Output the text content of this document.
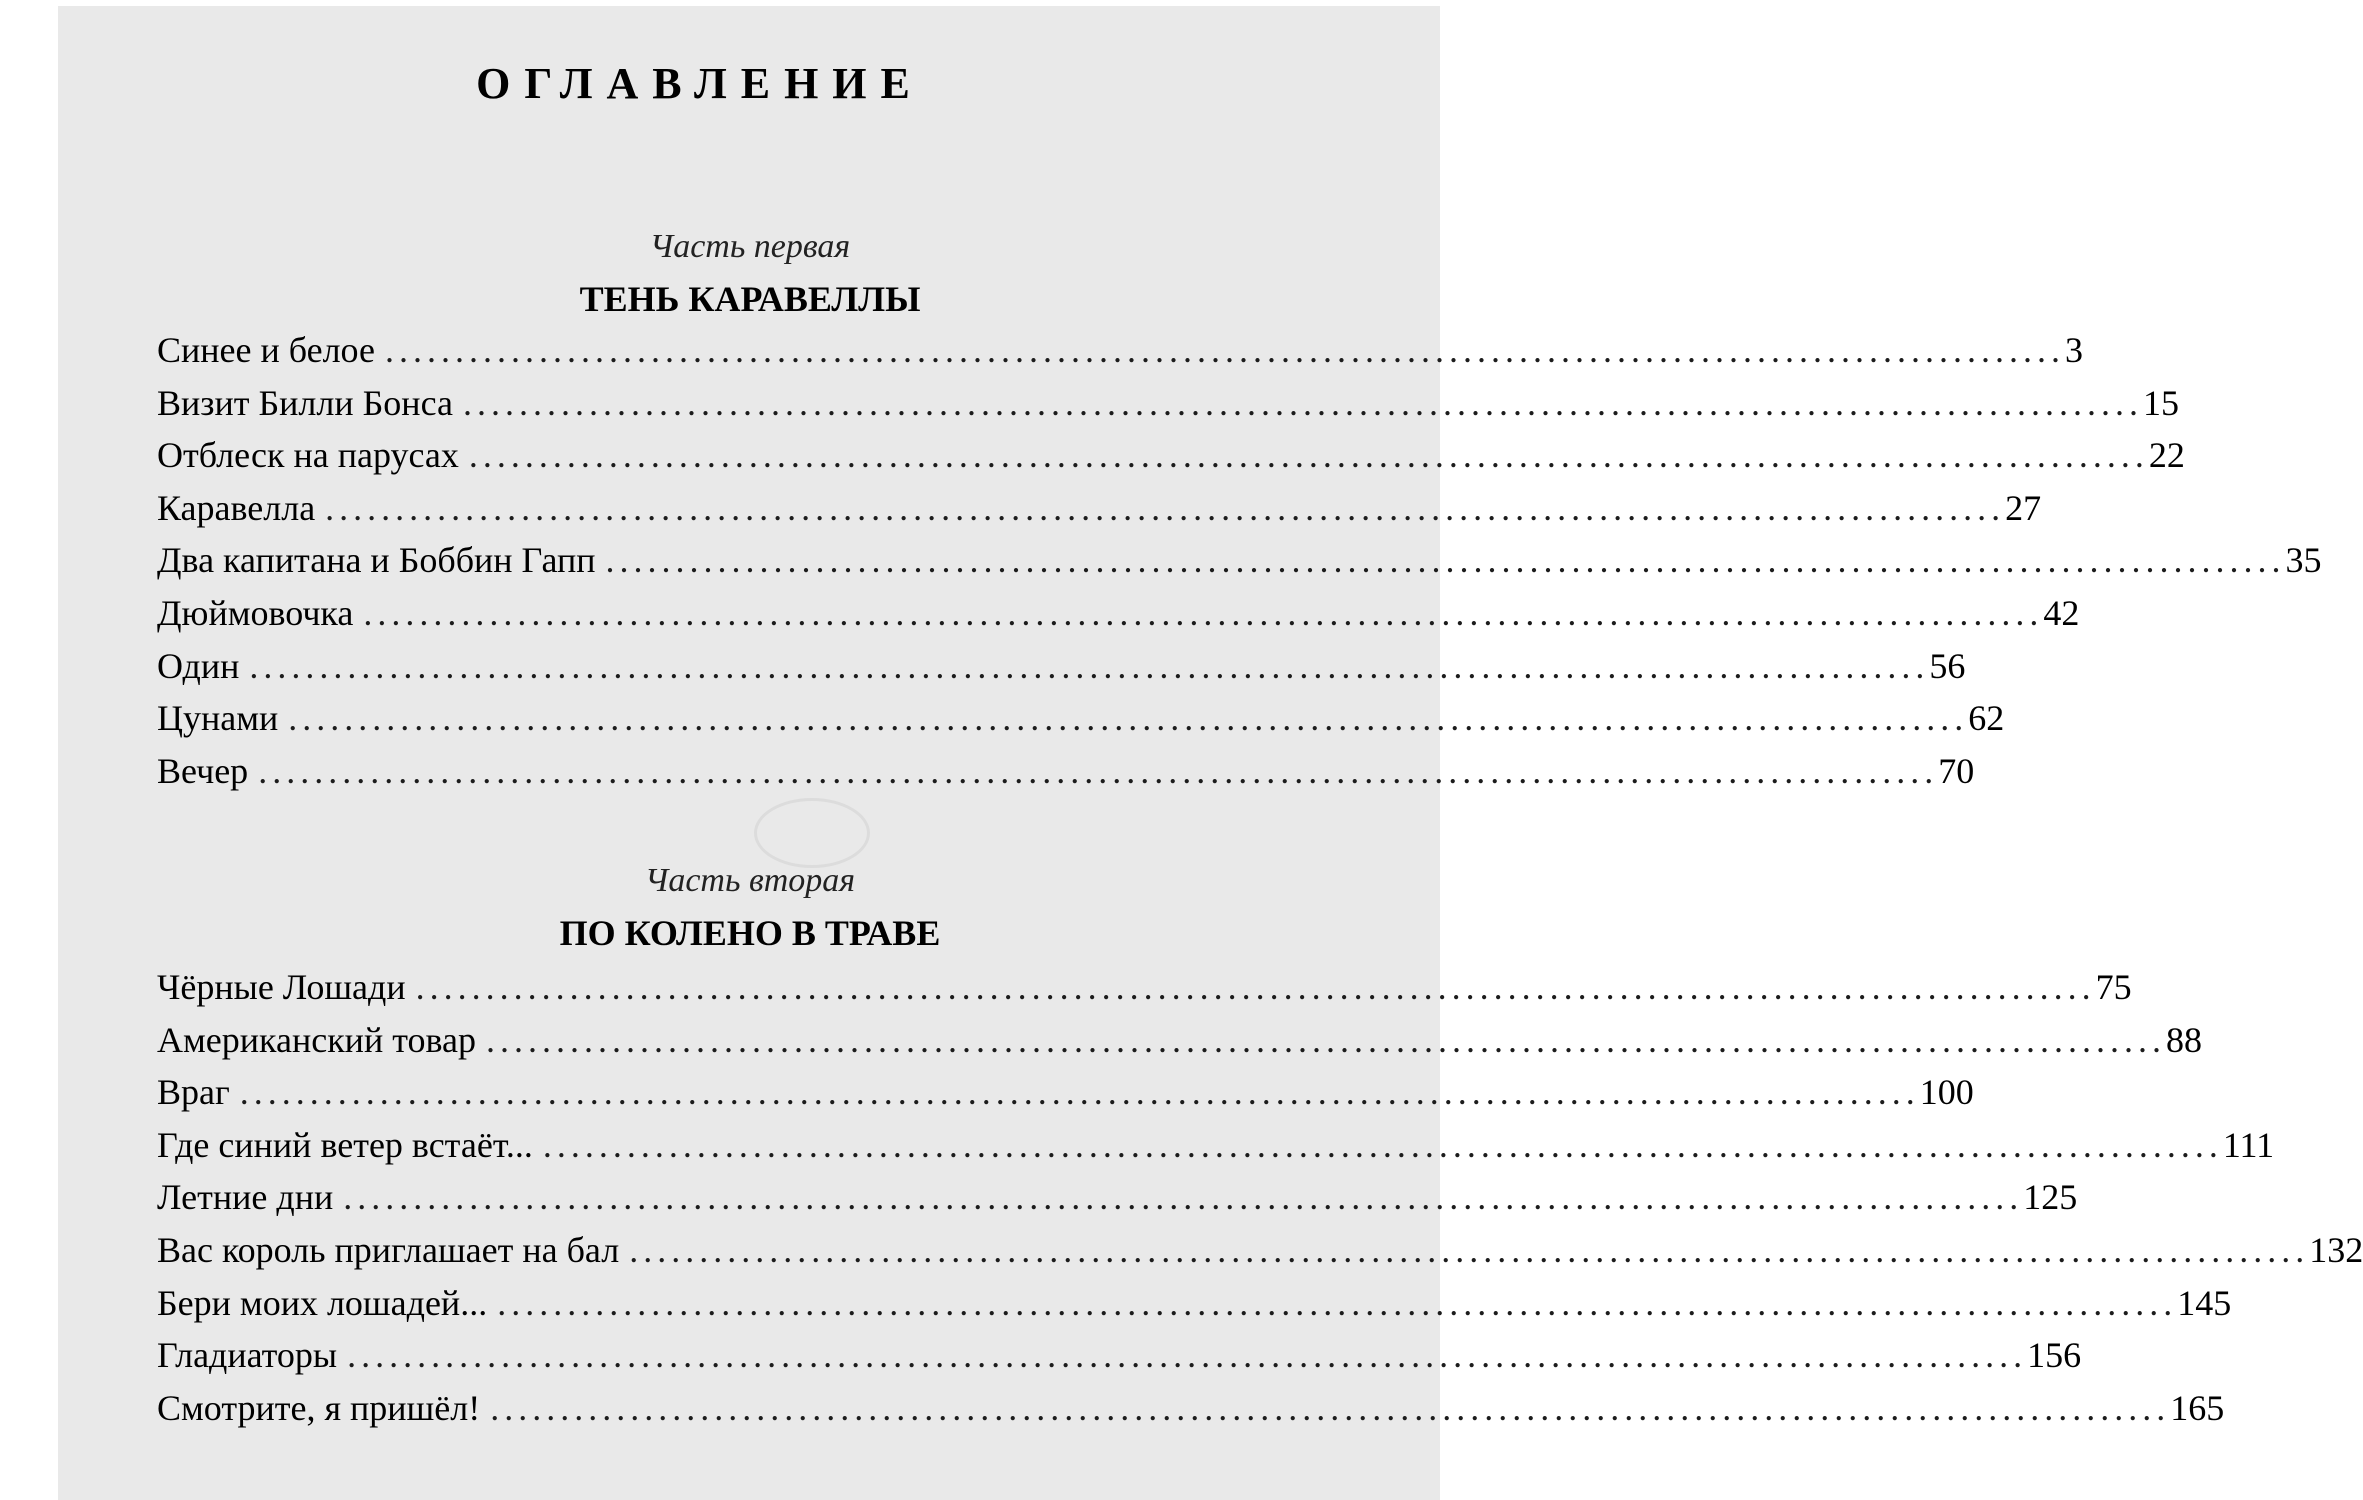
ОГЛАВЛЕНИЕ
Часть первая
ТЕНЬ КАРАВЕЛЛЫ
Синее и белое ........................................................................................................................ 3
Визит Билли Бонса ........................................................................................................................ 15
Отблеск на парусах ........................................................................................................................ 22
Каравелла ........................................................................................................................ 27
Два капитана и Боббин Гапп ........................................................................................................................ 35
Дюймовочка ........................................................................................................................ 42
Один ........................................................................................................................ 56
Цунами ........................................................................................................................ 62
Вечер ........................................................................................................................ 70
Часть вторая
ПО КОЛЕНО В ТРАВЕ
Чёрные Лошади ........................................................................................................................ 75
Американский товар ........................................................................................................................ 88
Враг ........................................................................................................................ 100
Где синий ветер встаёт... ........................................................................................................................ 111
Летние дни ........................................................................................................................ 125
Вас король приглашает на бал ........................................................................................................................ 132
Бери моих лошадей... ........................................................................................................................ 145
Гладиаторы ........................................................................................................................ 156
Смотрите, я пришёл! ........................................................................................................................ 165
